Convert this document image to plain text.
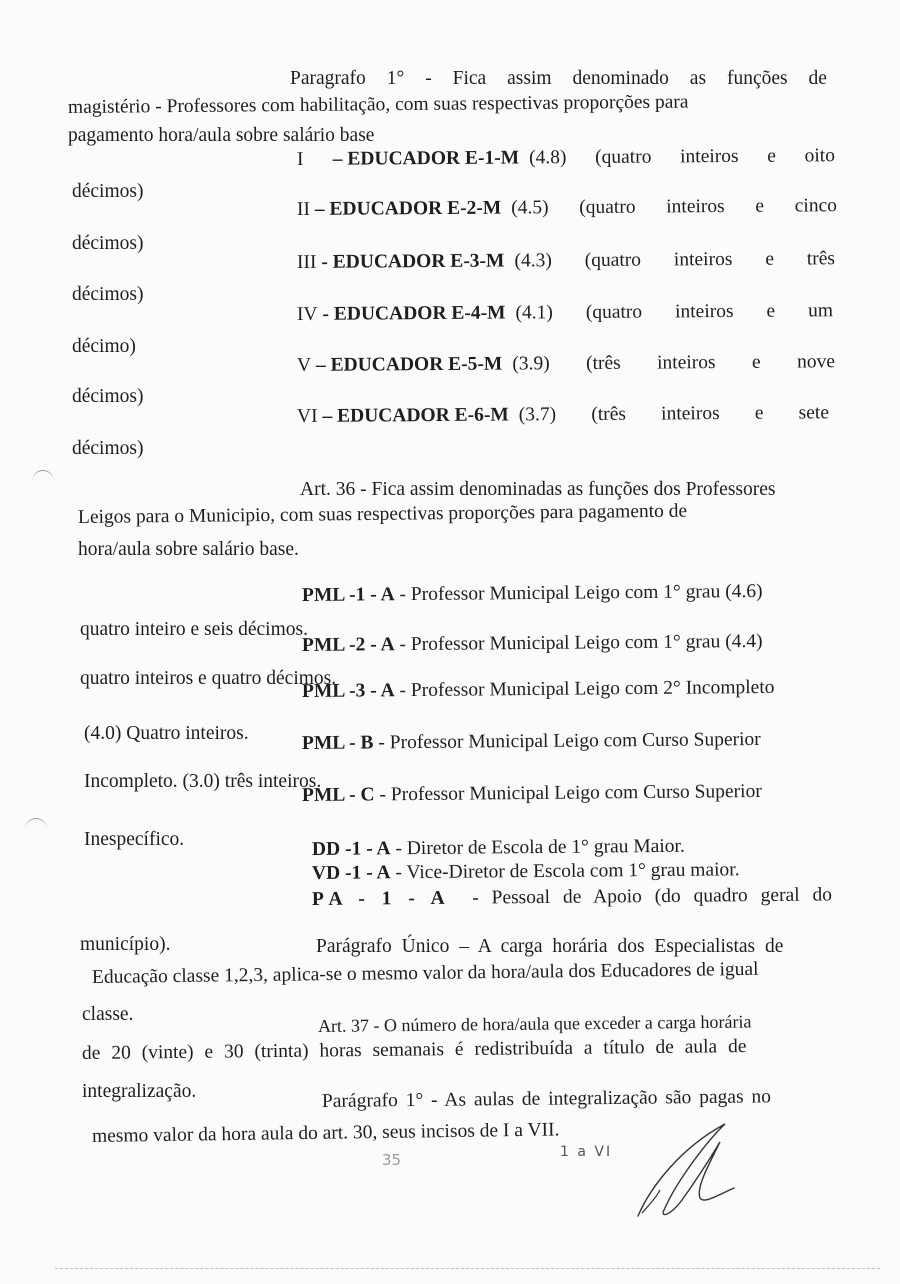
Paragrafo 1° - Fica assim denominado as funções de
magistério - Professores com habilitação, com suas respectivas proporções para
pagamento hora/aula sobre salário base
I      – EDUCADOR E-1-M (4.8) (quatro inteiros e oito
décimos)
II – EDUCADOR E-2-M (4.5) (quatro inteiros e cinco
décimos)
III - EDUCADOR E-3-M (4.3) (quatro inteiros e três
décimos)
IV - EDUCADOR E-4-M (4.1) (quatro inteiros e um
décimo)
V – EDUCADOR E-5-M (3.9) (três inteiros e nove
décimos)
VI – EDUCADOR E-6-M (3.7) (três inteiros e sete
décimos)
Art. 36 - Fica assim denominadas as funções dos Professores
Leigos para o Municipio, com suas respectivas proporções para pagamento de
hora/aula sobre salário base.
PML -1 - A - Professor Municipal Leigo com 1° grau (4.6)
quatro inteiro e seis décimos.
PML -2 - A - Professor Municipal Leigo com 1° grau (4.4)
quatro inteiros e quatro décimos.
PML -3 - A - Professor Municipal Leigo com 2° Incompleto
(4.0) Quatro inteiros.	PML - B - Professor Municipal Leigo com Curso Superior
Incompleto. (3.0) três inteiros.
PML - C - Professor Municipal Leigo com Curso Superior
Inespecífico.	DD -1 - A - Diretor de Escola de 1° grau Maior.
VD -1 - A - Vice-Diretor de Escola com 1° grau maior.
PA - 1 - A - Pessoal de Apoio (do quadro geral do
município).	Parágrafo Único – A carga horária dos Especialistas de
Educação classe 1,2,3, aplica-se o mesmo valor da hora/aula dos Educadores de igual
classe.	Art. 37 - O número de hora/aula que exceder a carga horária
de 20 (vinte) e 30 (trinta) horas semanais é redistribuída a título de aula de
integralização.	Parágrafo 1° - As aulas de integralização são pagas no
mesmo valor da hora aula do art. 30, seus incisos de I a VII.
35	1 a VI
